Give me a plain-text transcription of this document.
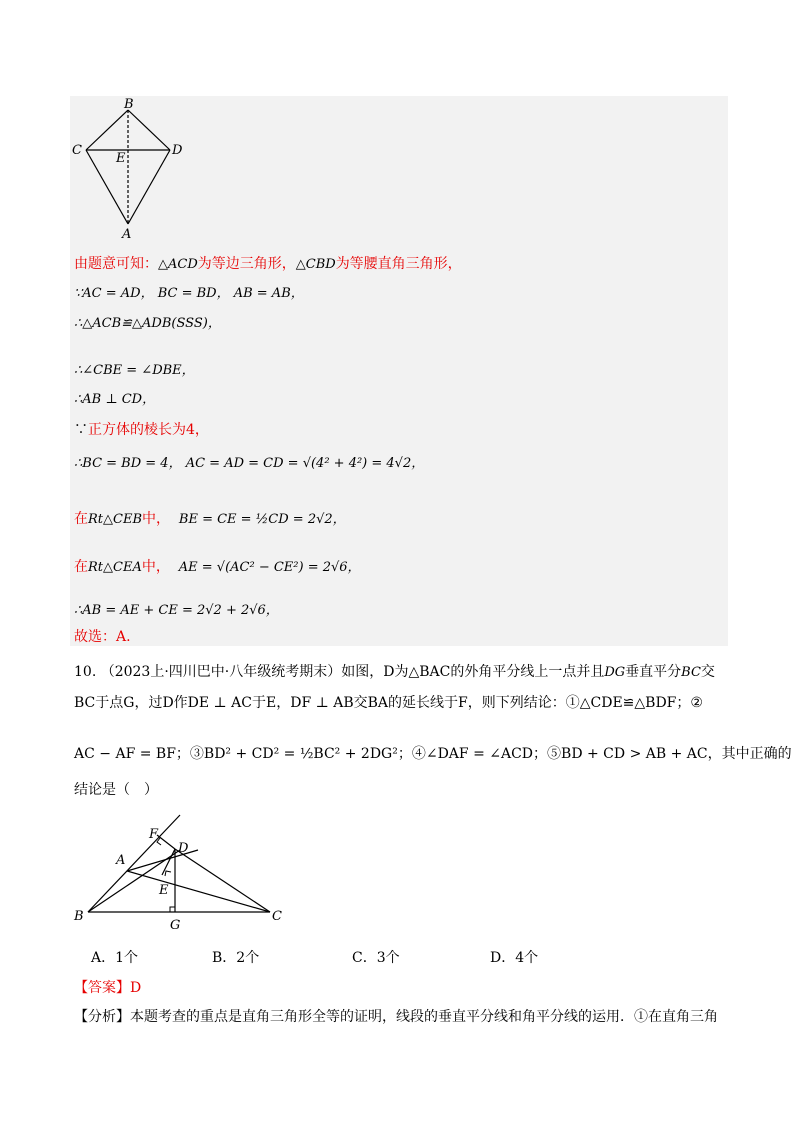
B
C	D
E
A
由题意可知：△ACD为等边三角形，△CBD为等腰直角三角形，
∵AC = AD， BC = BD， AB = AB，
∴△ACB≌△ADB(SSS)，
∴∠CBE = ∠DBE，
∴AB ⊥ CD，
∵正方体的棱长为4，
∴BC = BD = 4， AC = AD = CD = √(4² + 4²) = 4√2，
在Rt△CEB中， BE = CE = ½CD = 2√2，
在Rt△CEA中， AE = √(AC² − CE²) = 2√6，
∴AB = AE + CE = 2√2 + 2√6，
故选：A.
10. （2023上·四川巴中·八年级统考期末）如图，D为△BAC的外角平分线上一点并且DG垂直平分BC交
BC于点G，过D作DE ⊥ AC于E，DF ⊥ AB交BA的延长线于F，则下列结论：①△CDE≌△BDF；②
AC − AF = BF；③BD² + CD² = ½BC² + 2DG²；④∠DAF = ∠ACD；⑤BD + CD > AB + AC，其中正确的
结论是（　）
F
D
A
E
B
G
C
A．1个	B．2个	C．3个	D．4个
【答案】D
【分析】本题考查的重点是直角三角形全等的证明，线段的垂直平分线和角平分线的运用．①在直角三角
